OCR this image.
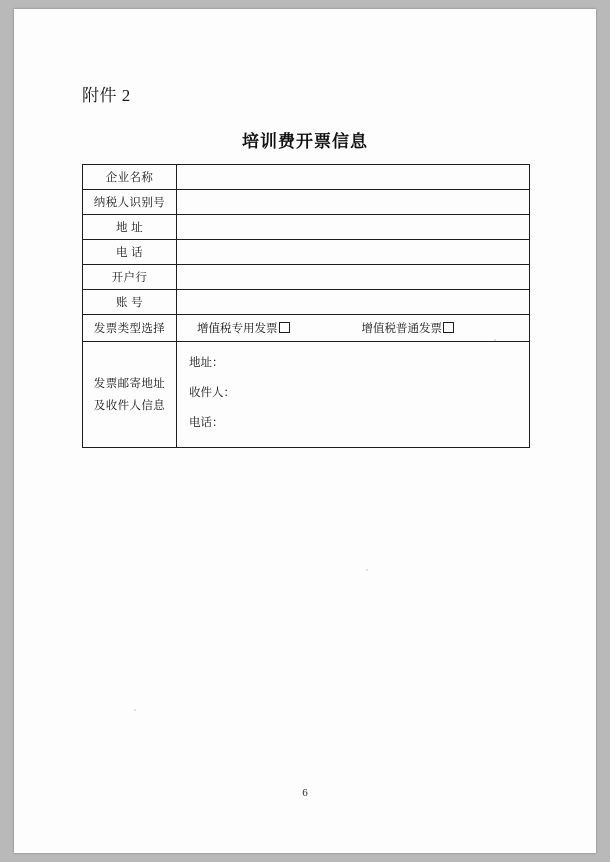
附件 2
培训费开票信息
企业名称	
纳税人识别号	
地 址	
电 话	
开户行	
账 号	
发票类型选择	增值税专用发票 增值税普通发票

发票邮寄地址
及收件人信息

地址：
收件人：
电话：
6
